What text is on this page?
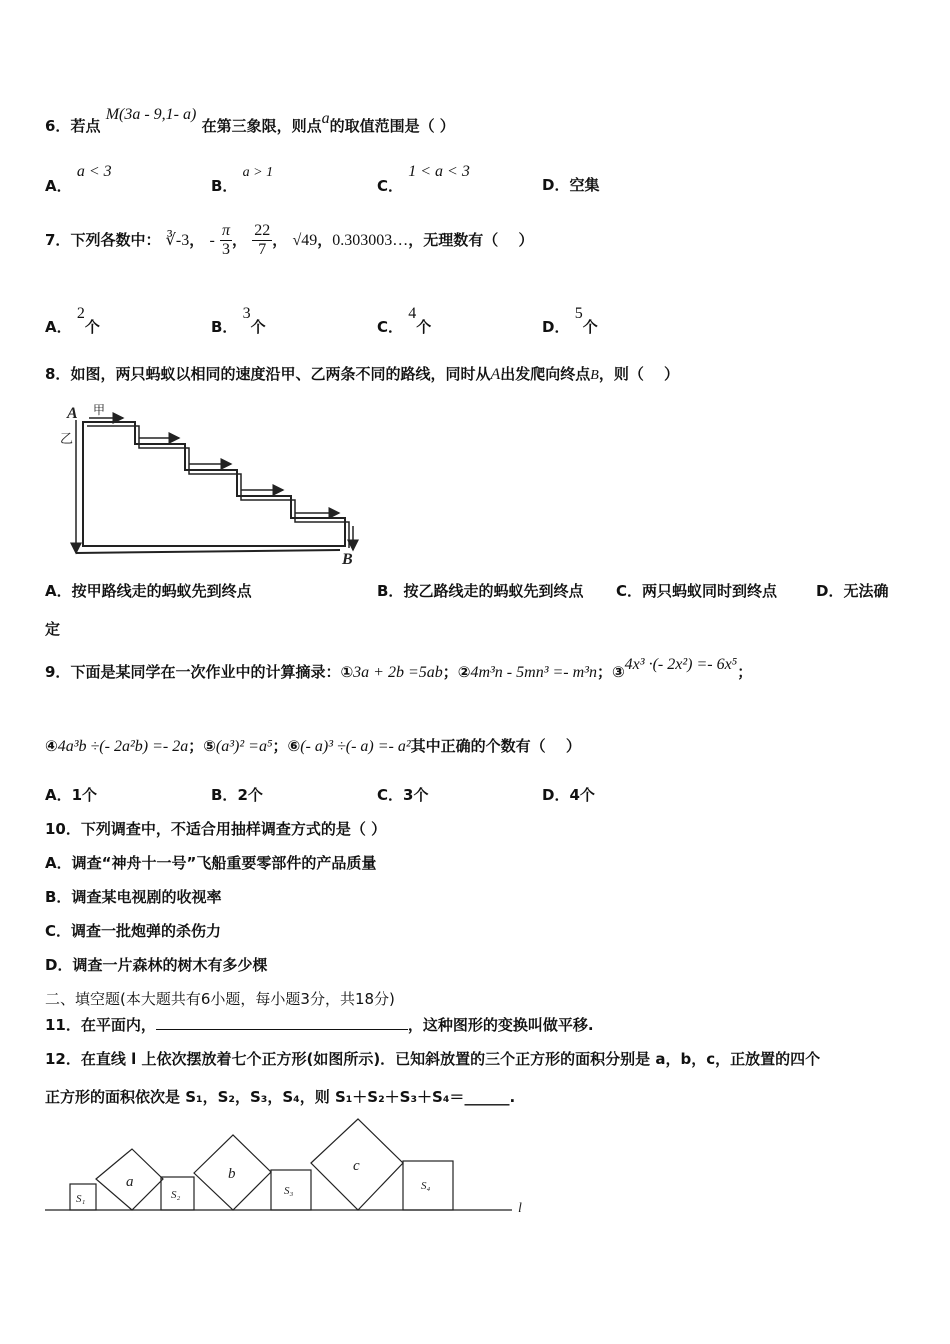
6．若点 M(3a - 9,1- a) 在第三象限，则点a的取值范围是（ ）
A． a < 3
B． a > 1
C． 1 < a < 3
D．空集
7．下列各数中： ∛-3， - $\frac{\pi}{3}$ ， $\frac{22}{7}$ ， √49，0.303003…，无理数有（　 ）
A． 2个	B． 3个	C． 4个	D． 5个
8．如图，两只蚂蚁以相同的速度沿甲、乙两条不同的路线，同时从A出发爬向终点B，则（　 ）
A 甲
乙
B
A．按甲路线走的蚂蚁先到终点	B．按乙路线走的蚂蚁先到终点 C．两只蚂蚁同时到终点	D．无法确
定
9．下面是某同学在一次作业中的计算摘录：①3a + 2b =5ab；②4m³n - 5mn³ =- m³n；③4x³ ·(- 2x²) =- 6x⁵；
④4a³b ÷(- 2a²b) =- 2a；⑤(a³)² =a⁵；⑥(- a)³ ÷(- a) =- a²其中正确的个数有（　 ）
A．1个	B．2个	C．3个	D．4个
10．下列调查中，不适合用抽样调查方式的是（ ）
A．调查“神舟十一号”飞船重要零部件的产品质量
B．调查某电视剧的收视率
C．调查一批炮弹的杀伤力
D．调查一片森林的树木有多少棵
二、填空题(本大题共有6小题，每小题3分，共18分)
11．在平面内，	，这种图形的变换叫做平移.
12．在直线 l 上依次摆放着七个正方形(如图所示)．已知斜放置的三个正方形的面积分别是 a，b，c，正放置的四个
正方形的面积依次是 S₁，S₂，S₃，S₄，则 S₁＋S₂＋S₃＋S₄＝______.
l
S₁
a
S₂
b
S₃
c
S₄
